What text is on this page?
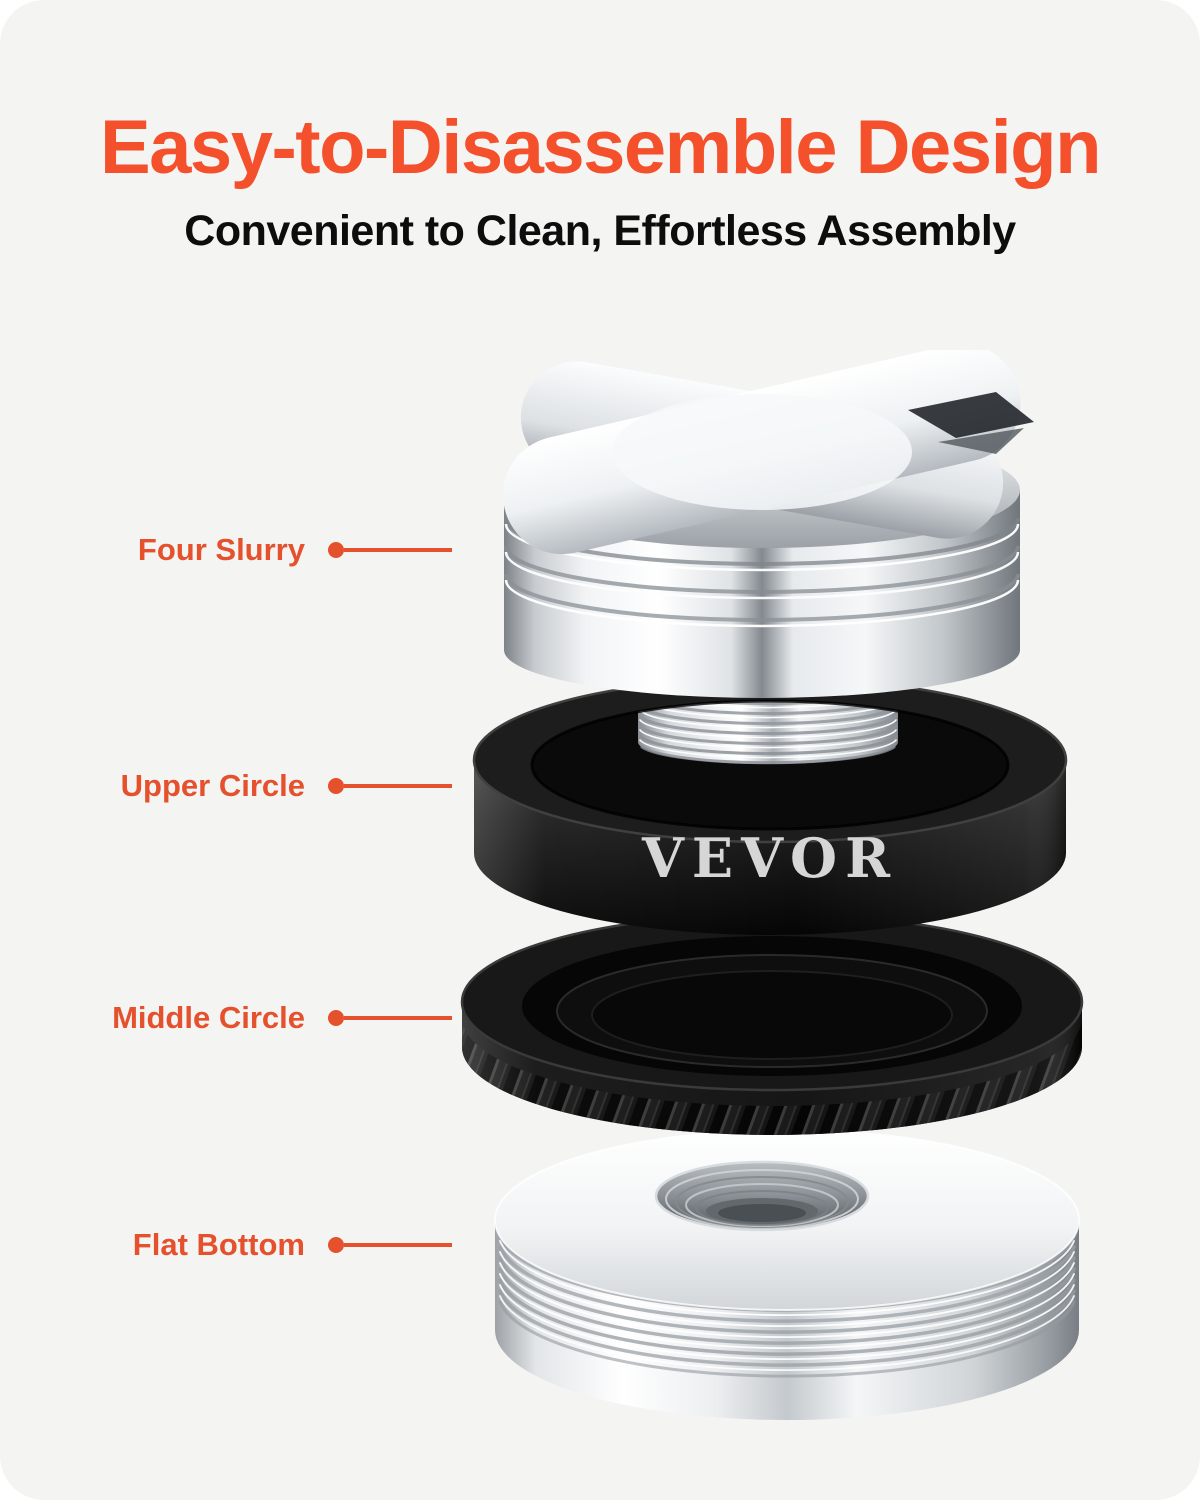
Easy-to-Disassemble Design
Convenient to Clean, Effortless Assembly
Four Slurry
Upper Circle
Middle Circle
Flat Bottom
VEVOR
